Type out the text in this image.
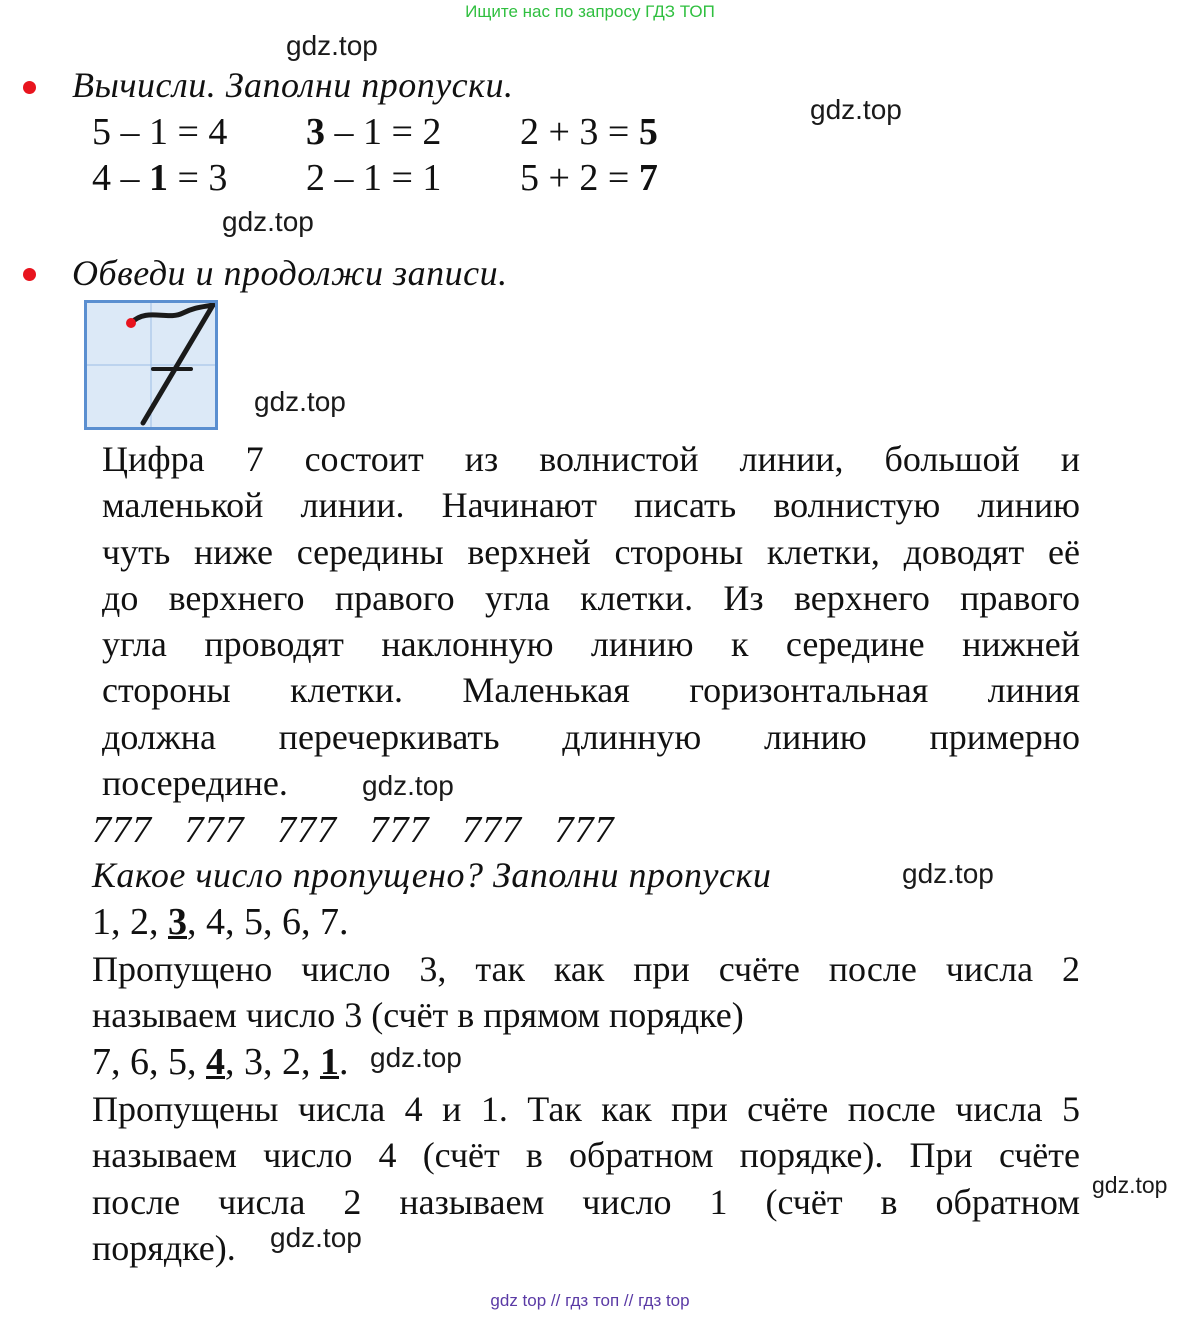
Ищите нас по запросу ГДЗ ТОП
gdz.top
gdz.top
gdz.top
gdz.top
gdz.top
gdz.top
gdz.top
gdz.top
gdz.top
Вычисли. Заполни пропуски.
5 – 1 = 4 3 – 1 = 2 2 + 3 = 5
4 – 1 = 3 2 – 1 = 1 5 + 2 = 7
Обведи и продолжи записи.
Цифра 7 состоит из волнистой линии, большой и
маленькой линии. Начинают писать волнистую линию
чуть ниже середины верхней стороны клетки, доводят её
до верхнего правого угла клетки. Из верхнего правого
угла проводят наклонную линию к середине нижней
стороны клетки. Маленькая горизонтальная линия
должна перечеркивать длинную линию примерно
посередине.
777 777 777 777 777 777
Какое число пропущено? Заполни пропуски
1, 2, 3, 4, 5, 6, 7.
Пропущено число 3, так как при счёте после числа 2
называем число 3 (счёт в прямом порядке)
7, 6, 5, 4, 3, 2, 1.
Пропущены числа 4 и 1. Так как при счёте после числа 5
называем число 4 (счёт в обратном порядке). При счёте
после числа 2 называем число 1 (счёт в обратном
порядке).
gdz top // гдз топ // гдз top
